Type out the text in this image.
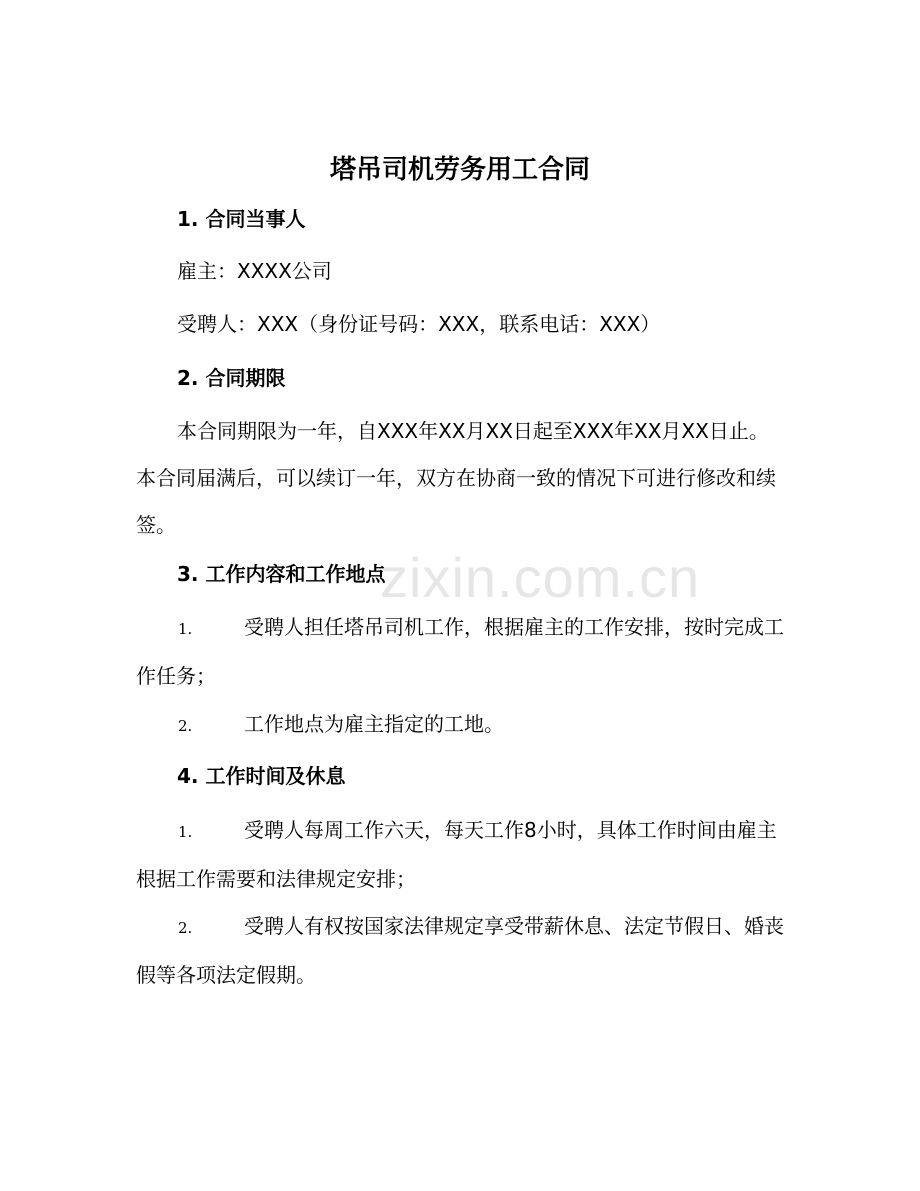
zixin.com.cn
塔吊司机劳务用工合同
1. 合同当事人

雇主：XXXX公司

受聘人：XXX（身份证号码：XXX，联系电话：XXX）

2. 合同期限

本合同期限为一年，自XXX年XX月XX日起至XXX年XX月XX日止。本合同届满后，可以续订一年，双方在协商一致的情况下可进行修改和续签。

3. 工作内容和工作地点

1.	受聘人担任塔吊司机工作，根据雇主的工作安排，按时完成工作任务；

2.	工作地点为雇主指定的工地。

4. 工作时间及休息

1.	受聘人每周工作六天，每天工作8小时，具体工作时间由雇主根据工作需要和法律规定安排；

2.	受聘人有权按国家法律规定享受带薪休息、法定节假日、婚丧假等各项法定假期。
